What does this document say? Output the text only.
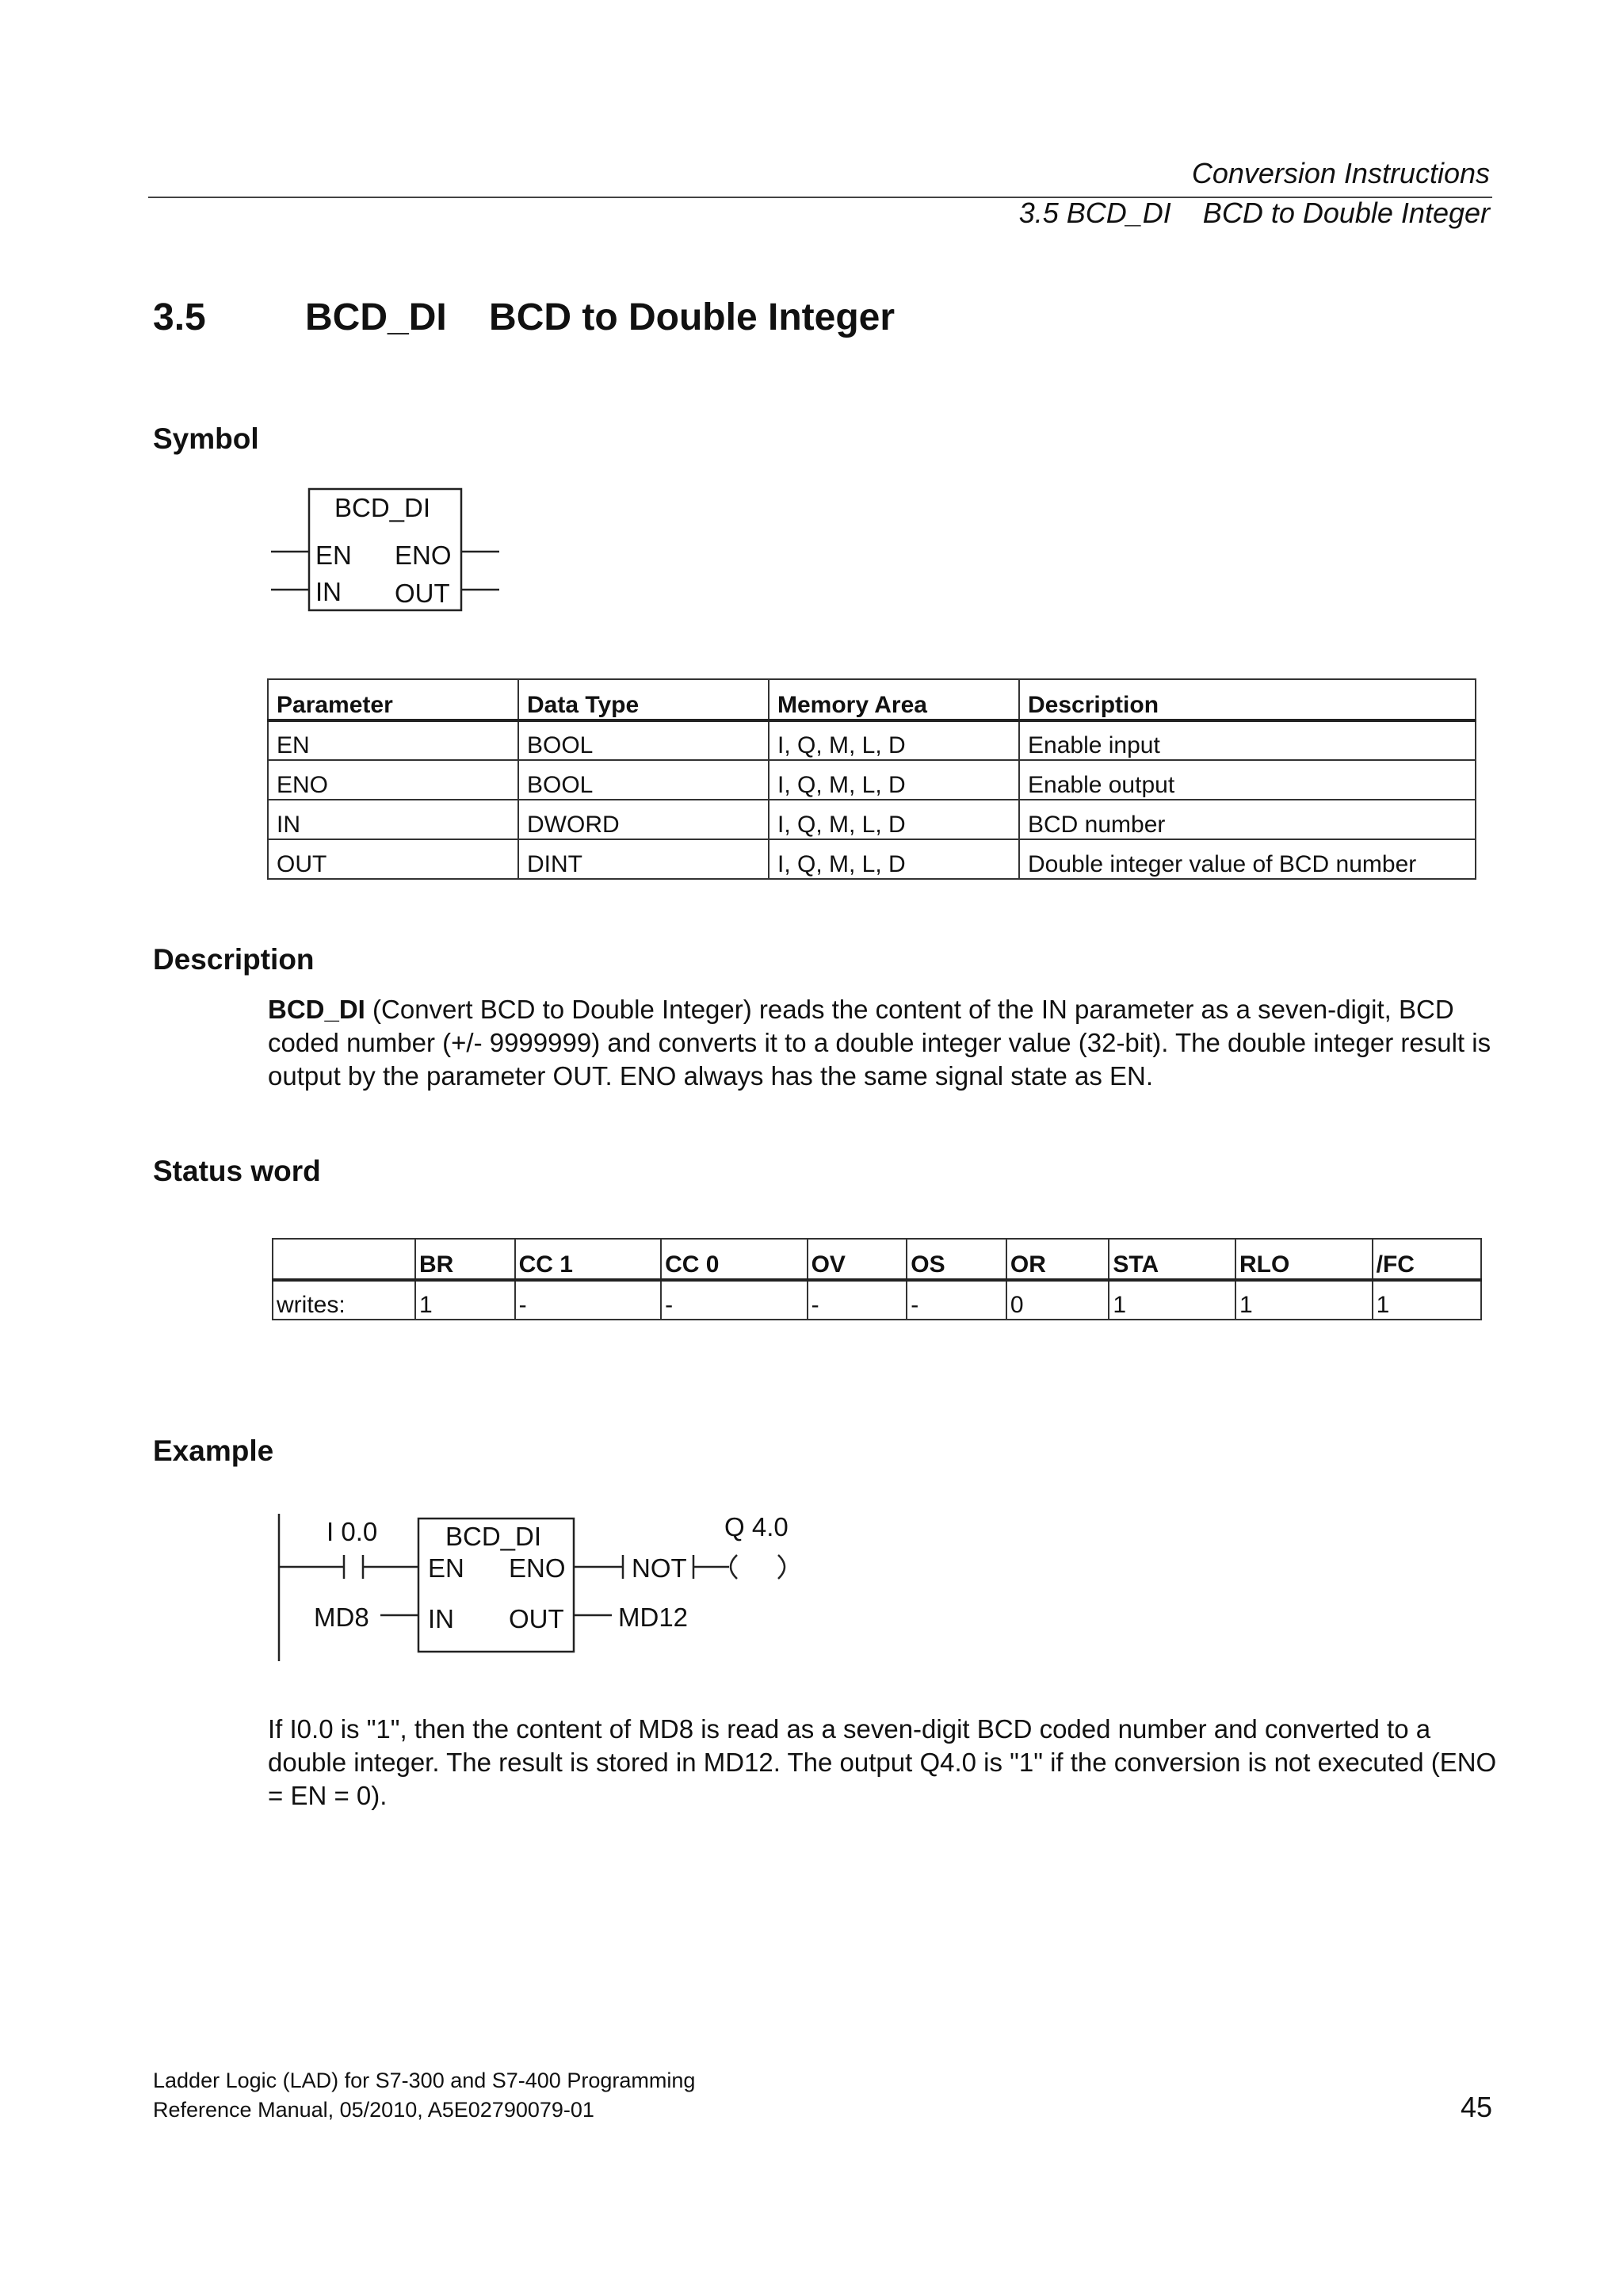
Conversion Instructions
3.5 BCD_DI    BCD to Double Integer
3.5	BCD_DI    BCD to Double Integer
Symbol
BCD_DI
EN ENO
IN OUT
Parameter	Data Type	Memory Area	Description
EN	BOOL	I, Q, M, L, D	Enable input
ENO	BOOL	I, Q, M, L, D	Enable output
IN	DWORD	I, Q, M, L, D	BCD number
OUT	DINT	I, Q, M, L, D	Double integer value of BCD number
Description
BCD_DI (Convert BCD to Double Integer) reads the content of the IN parameter as a seven-digit, BCD coded number (+/- 9999999) and converts it to a double integer value (32-bit). The double integer result is output by the parameter OUT. ENO always has the same signal state as EN.
Status word
	BR	CC 1	CC 0	OV	OS	OR	STA	RLO	/FC
writes:	1	-	-	-	-	0	1	1	1
Example
I 0.0	BCD_DI
EN ENO
IN OUT
NOT
Q 4.0
MD8	MD12
If I0.0 is "1", then the content of MD8 is read as a seven-digit BCD coded number and converted to a double integer. The result is stored in MD12. The output Q4.0 is "1" if the conversion is not executed (ENO = EN = 0).
Ladder Logic (LAD) for S7-300 and S7-400 Programming
Reference Manual, 05/2010, A5E02790079-01	45
